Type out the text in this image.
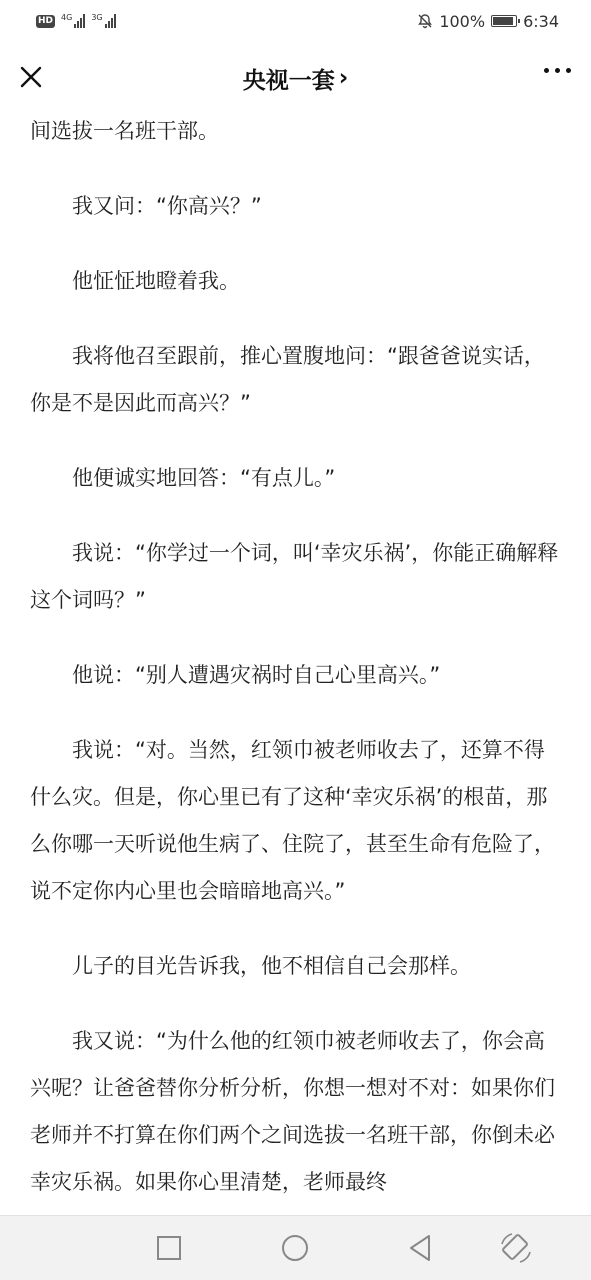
HD 4G 3G	100% 6:34
央视一套 ›

间选拔一名班干部。

我又问：“你高兴？”

他怔怔地瞪着我。

我将他召至跟前，推心置腹地问：“跟爸爸说实话，你是不是因此而高兴？”

他便诚实地回答：“有点儿。”

我说：“你学过一个词，叫‘幸灾乐祸’，你能正确解释这个词吗？”

他说：“别人遭遇灾祸时自己心里高兴。”

我说：“对。当然，红领巾被老师收去了，还算不得什么灾。但是，你心里已有了这种‘幸灾乐祸’的根苗，那么你哪一天听说他生病了、住院了，甚至生命有危险了，说不定你内心里也会暗暗地高兴。”

儿子的目光告诉我，他不相信自己会那样。

我又说：“为什么他的红领巾被老师收去了，你会高兴呢？让爸爸替你分析分析，你想一想对不对：如果你们老师并不打算在你们两个之间选拔一名班干部，你倒未必幸灾乐祸。如果你心里清楚，老师最终
